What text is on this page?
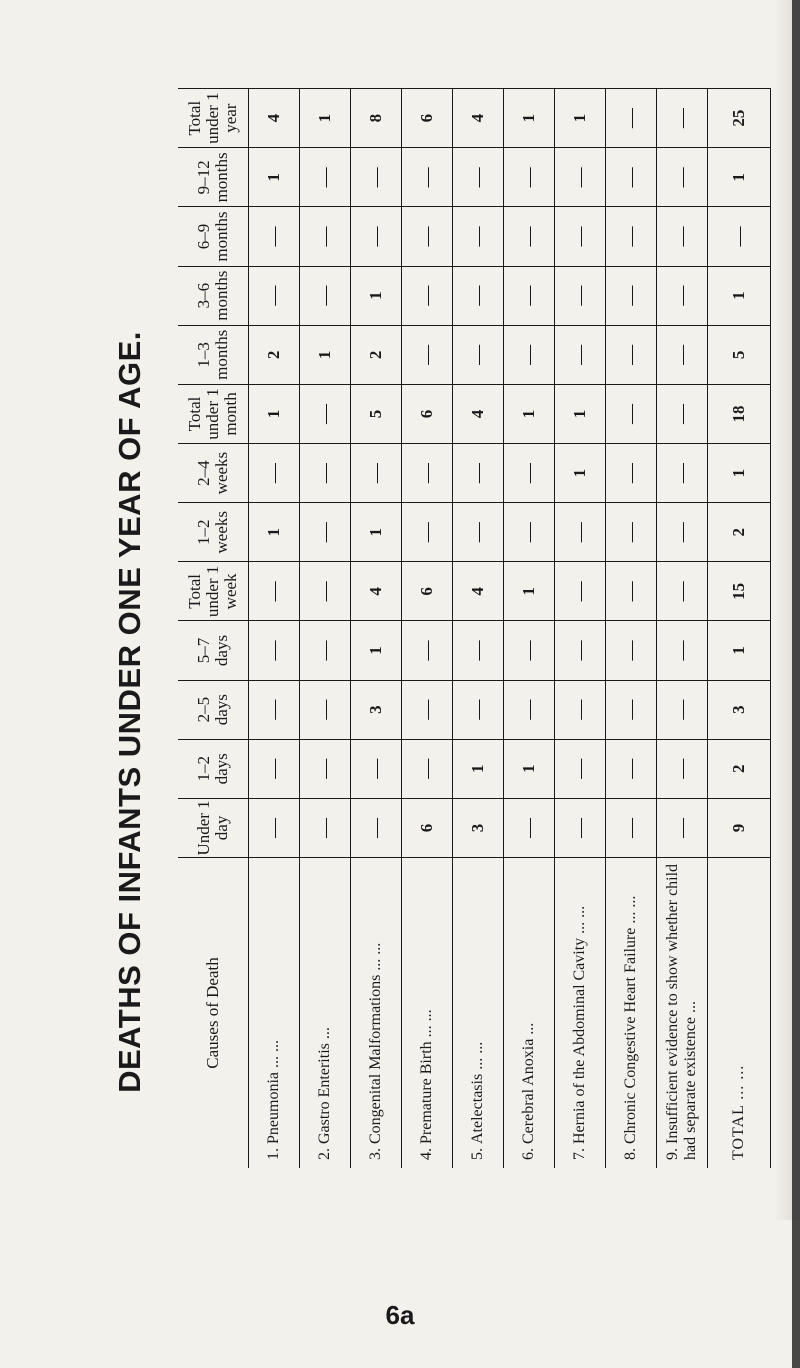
DEATHS OF INFANTS UNDER ONE YEAR OF AGE.	Causes of Death	Under 1 day	1–2 days	2–5 days	5–7 days	Total under 1 week	1–2 weeks	2–4 weeks	Total under 1 month	1–3 months	3–6 months	6–9 months	9–12 months	Total under 1 year
1.Pneumonia ... ...	—	—	—	—	—	1	—	1	2	—	—	1	4
2.Gastro Enteritis ...	—	—	—	—	—	—	—	—	1	—	—	—	1
3.Congenital Malformations ... ...	—	—	3	1	4	1	—	5	2	1	—	—	8
4.Premature Birth ... ...	6	—	—	—	6	—	—	6	—	—	—	—	6
5.Atelectasis ... ...	3	1	—	—	4	—	—	4	—	—	—	—	4
6.Cerebral Anoxia ...	—	1	—	—	1	—	—	1	—	—	—	—	1
7.Hernia of the Abdominal Cavity ... ...	—	—	—	—	—	—	1	1	—	—	—	—	1
8.Chronic Congestive Heart Failure ... ...	—	—	—	—	—	—	—	—	—	—	—	—	—
9.Insufficient evidence to show whether child had separate existence ...	—	—	—	—	—	—	—	—	—	—	—	—	—
TOTAL ... ...	9	2	3	1	15	2	1	18	5	1	—	1	25
6a
